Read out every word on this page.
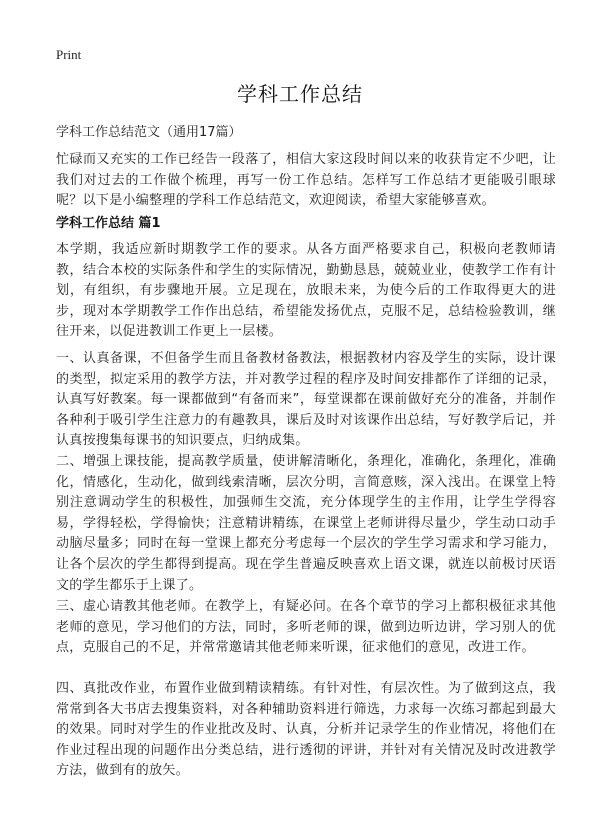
Print
学科工作总结
学科工作总结范文（通用17篇）

忙碌而又充实的工作已经告一段落了，相信大家这段时间以来的收获肯定不少吧，让我们对过去的工作做个梳理，再写一份工作总结。怎样写工作总结才更能吸引眼球呢？以下是小编整理的学科工作总结范文，欢迎阅读，希望大家能够喜欢。

学科工作总结 篇1

本学期，我适应新时期教学工作的要求。从各方面严格要求自己，积极向老教师请教，结合本校的实际条件和学生的实际情况，勤勤恳恳，兢兢业业，使教学工作有计划，有组织，有步骤地开展。立足现在，放眼未来，为使今后的工作取得更大的进步，现对本学期教学工作作出总结，希望能发扬优点，克服不足，总结检验教训，继往开来，以促进教训工作更上一层楼。

一、认真备课，不但备学生而且备教材备教法，根据教材内容及学生的实际，设计课的类型，拟定采用的教学方法，并对教学过程的程序及时间安排都作了详细的记录，认真写好教案。每一课都做到“有备而来”，每堂课都在课前做好充分的准备，并制作各种利于吸引学生注意力的有趣教具，课后及时对该课作出总结，写好教学后记，并认真按搜集每课书的知识要点，归纳成集。

二、增强上课技能，提高教学质量，使讲解清晰化，条理化，准确化，条理化，准确化，情感化，生动化，做到线索清晰，层次分明，言简意赅，深入浅出。在课堂上特别注意调动学生的积极性，加强师生交流，充分体现学生的主作用，让学生学得容易，学得轻松，学得愉快；注意精讲精练，在课堂上老师讲得尽量少，学生动口动手动脑尽量多；同时在每一堂课上都充分考虑每一个层次的学生学习需求和学习能力，让各个层次的学生都得到提高。现在学生普遍反映喜欢上语文课，就连以前极讨厌语文的学生都乐于上课了。

三、虚心请教其他老师。在教学上，有疑必问。在各个章节的学习上都积极征求其他老师的意见，学习他们的方法，同时，多听老师的课，做到边听边讲，学习别人的优点，克服自己的不足，并常常邀请其他老师来听课，征求他们的意见，改进工作。

四、真批改作业，布置作业做到精读精练。有针对性，有层次性。为了做到这点，我常常到各大书店去搜集资料，对各种辅助资料进行筛选，力求每一次练习都起到最大的效果。同时对学生的作业批改及时、认真，分析并记录学生的作业情况，将他们在作业过程出现的问题作出分类总结，进行透彻的评讲，并针对有关情况及时改进教学方法，做到有的放矢。
